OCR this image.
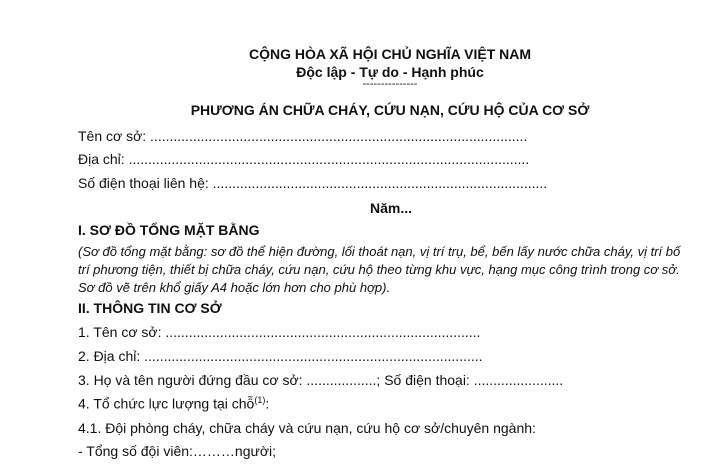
CỘNG HÒA XÃ HỘI CHỦ NGHĨA VIỆT NAM
Độc lập - Tự do - Hạnh phúc
---------------
PHƯƠNG ÁN CHỮA CHÁY, CỨU NẠN, CỨU HỘ CỦA CƠ SỞ
Tên cơ sở: .................................................................................................
Địa chỉ: .......................................................................................................
Số điện thoại liên hệ: ......................................................................................
Năm...
I. SƠ ĐỒ TỔNG MẶT BẰNG
(Sơ đồ tổng mặt bằng: sơ đồ thể hiện đường, lối thoát nạn, vị trí trụ, bể, bến lấy nước chữa cháy, vị trí bố
trí phương tiện, thiết bị chữa cháy, cứu nạn, cứu hộ theo từng khu vực, hạng mục công trình trong cơ sở.
Sơ đồ vẽ trên khổ giấy A4 hoặc lớn hơn cho phù hợp).
II. THÔNG TIN CƠ SỞ
1. Tên cơ sở: .................................................................................
2. Địa chỉ: .......................................................................................
3. Họ và tên người đứng đầu cơ sở: ..................; Số điện thoại: .......................
4. Tổ chức lực lượng tại chỗ$^{(1)}$:
4.1. Đội phòng cháy, chữa cháy và cứu nạn, cứu hộ cơ sở/chuyên ngành:
- Tổng số đội viên:………người;
